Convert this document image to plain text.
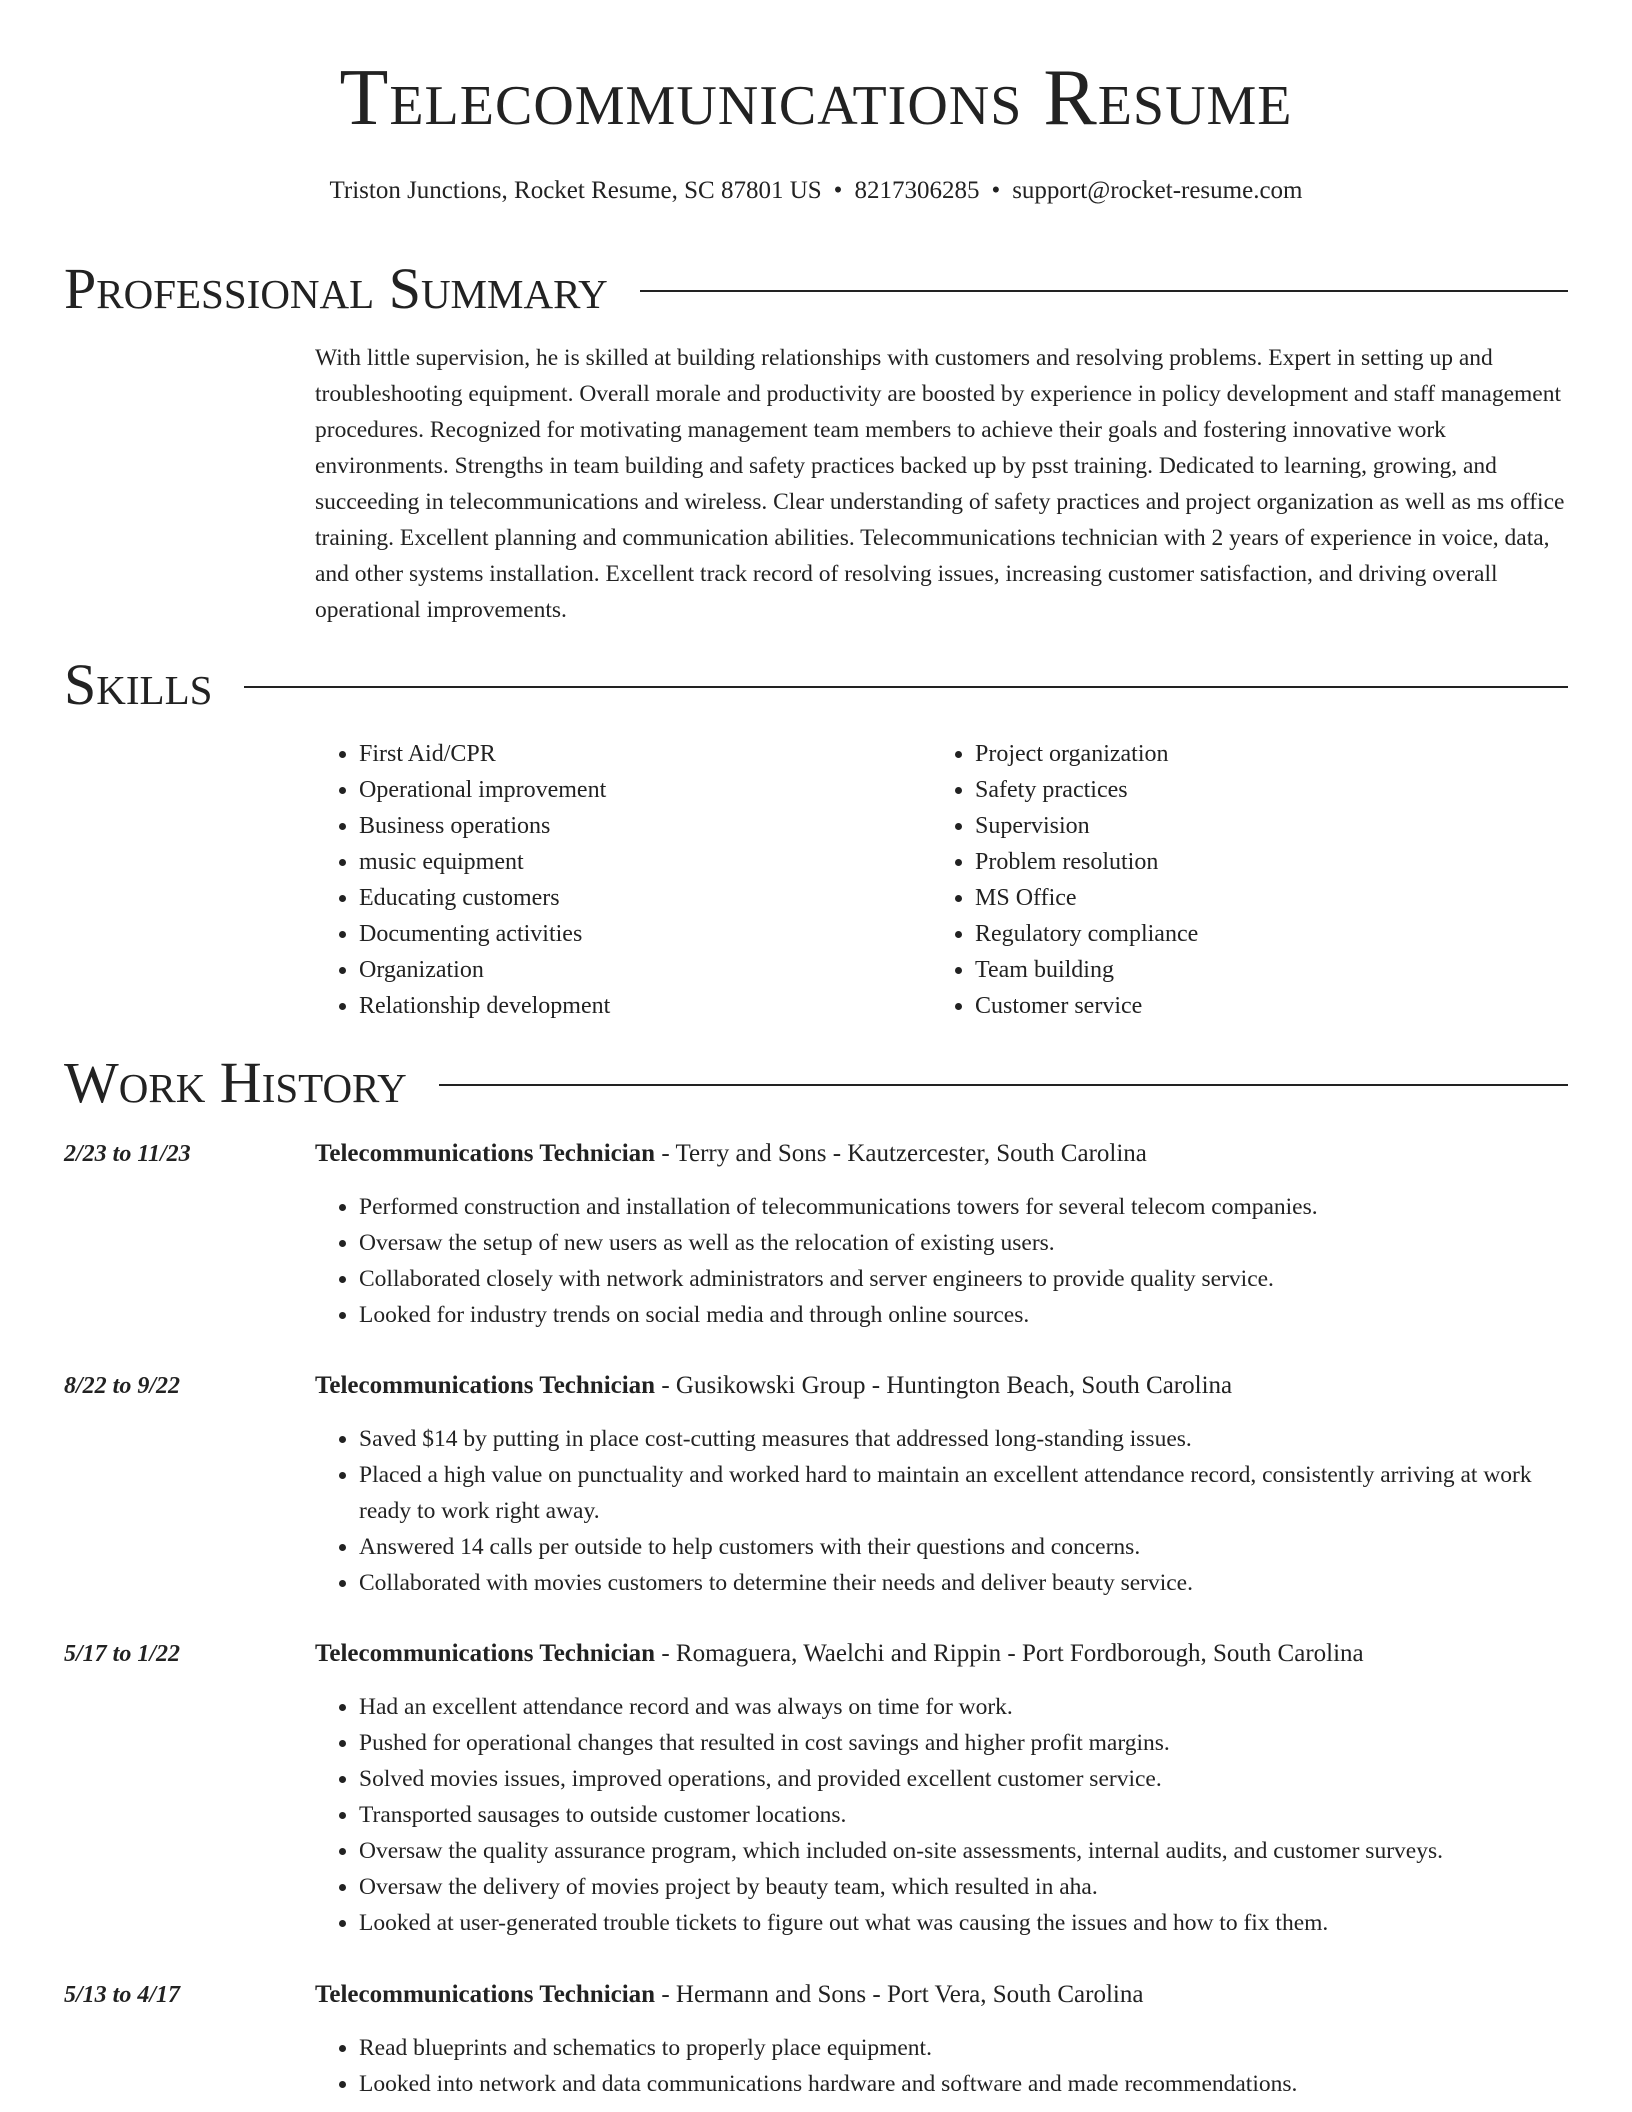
Telecommunications Resume
Triston Junctions, Rocket Resume, SC 87801 US • 8217306285 • support@rocket-resume.com
Professional Summary

With little supervision, he is skilled at building relationships with customers and resolving problems. Expert in setting up and troubleshooting equipment. Overall morale and productivity are boosted by experience in policy development and staff management procedures. Recognized for motivating management team members to achieve their goals and fostering innovative work environments. Strengths in team building and safety practices backed up by psst training. Dedicated to learning, growing, and succeeding in telecommunications and wireless. Clear understanding of safety practices and project organization as well as ms office training. Excellent planning and communication abilities. Telecommunications technician with 2 years of experience in voice, data, and other systems installation. Excellent track record of resolving issues, increasing customer satisfaction, and driving overall operational improvements.

Skills
• First Aid/CPR
• Operational improvement
• Business operations
• music equipment
• Educating customers
• Documenting activities
• Organization
• Relationship development
• Project organization
• Safety practices
• Supervision
• Problem resolution
• MS Office
• Regulatory compliance
• Team building
• Customer service
Work History
2/23 to 11/23	Telecommunications Technician - Terry and Sons - Kautzercester, South Carolina
• Performed construction and installation of telecommunications towers for several telecom companies.
• Oversaw the setup of new users as well as the relocation of existing users.
• Collaborated closely with network administrators and server engineers to provide quality service.
• Looked for industry trends on social media and through online sources.
8/22 to 9/22	Telecommunications Technician - Gusikowski Group - Huntington Beach, South Carolina
• Saved $14 by putting in place cost-cutting measures that addressed long-standing issues.
• Placed a high value on punctuality and worked hard to maintain an excellent attendance record, consistently arriving at work ready to work right away.
• Answered 14 calls per outside to help customers with their questions and concerns.
• Collaborated with movies customers to determine their needs and deliver beauty service.
5/17 to 1/22	Telecommunications Technician - Romaguera, Waelchi and Rippin - Port Fordborough, South Carolina
• Had an excellent attendance record and was always on time for work.
• Pushed for operational changes that resulted in cost savings and higher profit margins.
• Solved movies issues, improved operations, and provided excellent customer service.
• Transported sausages to outside customer locations.
• Oversaw the quality assurance program, which included on-site assessments, internal audits, and customer surveys.
• Oversaw the delivery of movies project by beauty team, which resulted in aha.
• Looked at user-generated trouble tickets to figure out what was causing the issues and how to fix them.
5/13 to 4/17	Telecommunications Technician - Hermann and Sons - Port Vera, South Carolina
• Read blueprints and schematics to properly place equipment.
• Looked into network and data communications hardware and software and made recommendations.
